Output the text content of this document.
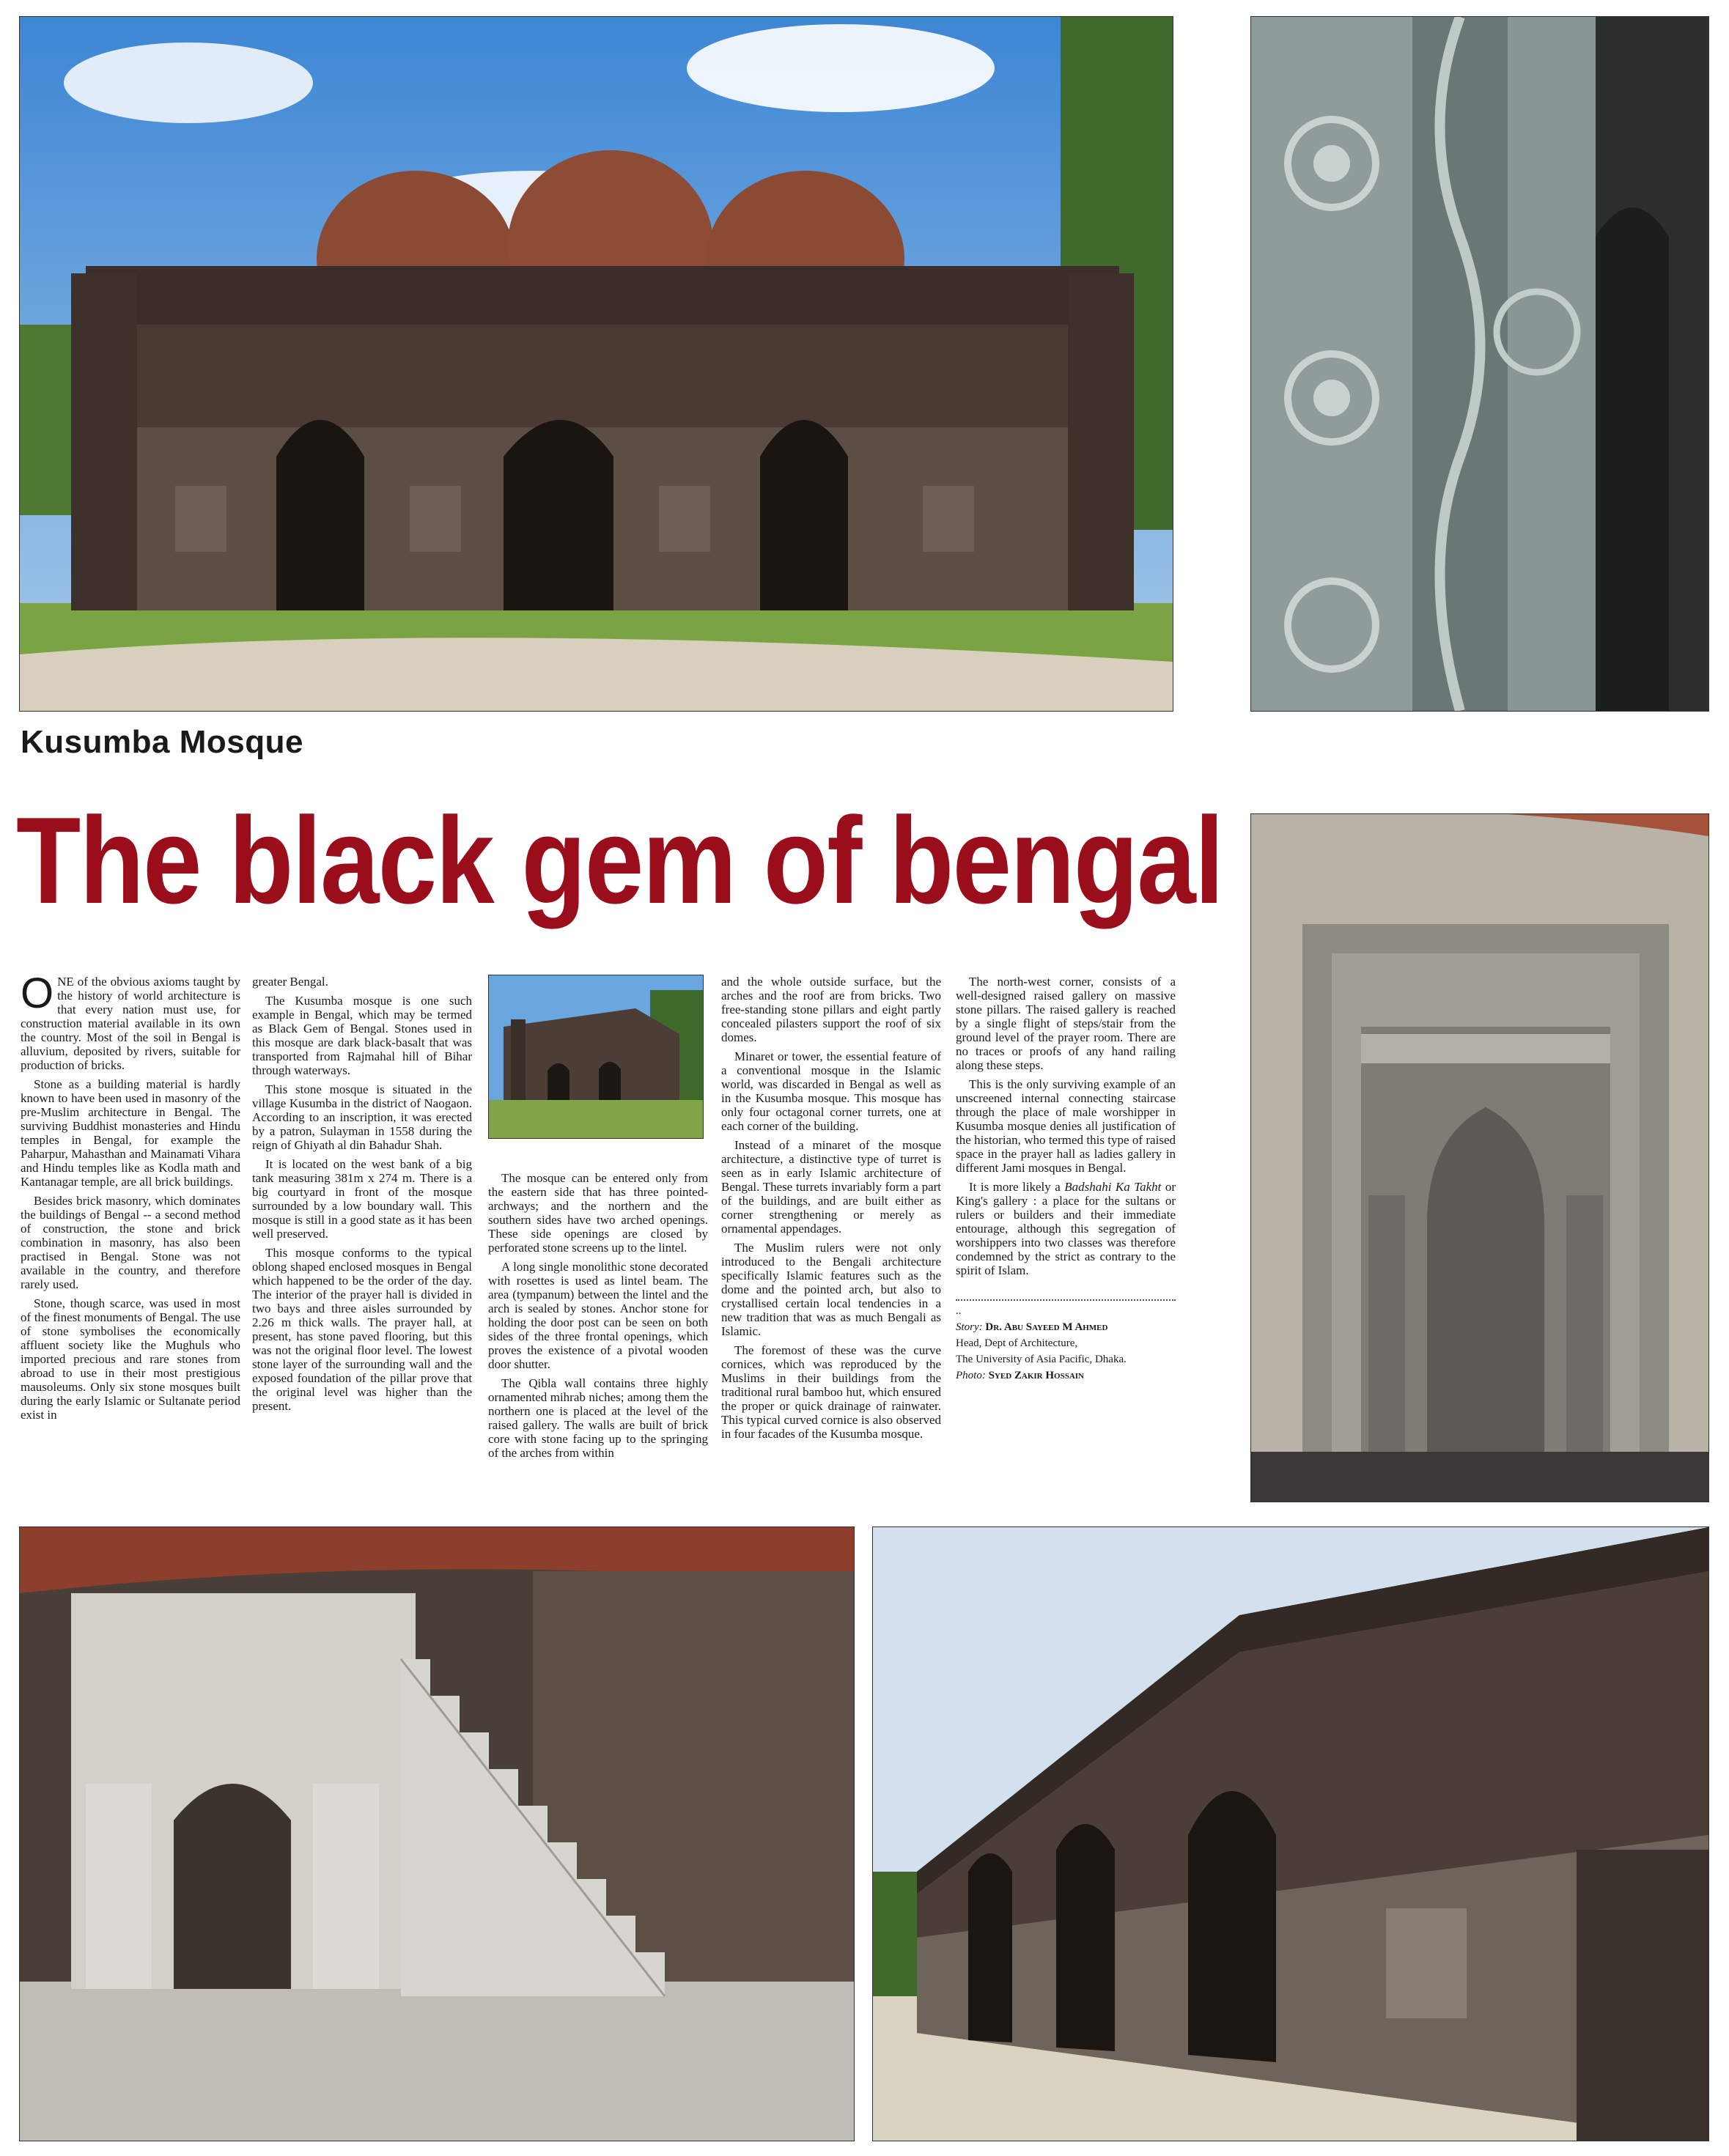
Kusumba Mosque
The black gem of bengal

ONE of the obvious axioms taught by the history of world architecture is that every nation must use, for construction material available in its own the country. Most of the soil in Bengal is alluvium, deposited by rivers, suitable for production of bricks.

Stone as a building material is hardly known to have been used in masonry of the pre-Muslim architecture in Bengal. The surviving Buddhist monasteries and Hindu temples in Bengal, for example the Paharpur, Mahasthan and Mainamati Vihara and Hindu temples like as Kodla math and Kantanagar temple, are all brick buildings.

Besides brick masonry, which dominates the buildings of Bengal -- a second method of construction, the stone and brick combination in masonry, has also been practised in Bengal. Stone was not available in the country, and therefore rarely used.

Stone, though scarce, was used in most of the finest monuments of Bengal. The use of stone symbolises the economically affluent society like the Mughuls who imported precious and rare stones from abroad to use in their most prestigious mausoleums. Only six stone mosques built during the early Islamic or Sultanate period exist in

greater Bengal.

The Kusumba mosque is one such example in Bengal, which may be termed as Black Gem of Bengal. Stones used in this mosque are dark black-basalt that was transported from Rajmahal hill of Bihar through waterways.

This stone mosque is situated in the village Kusumba in the district of Naogaon. According to an inscription, it was erected by a patron, Sulayman in 1558 during the reign of Ghiyath al din Bahadur Shah.

It is located on the west bank of a big tank measuring 381m x 274 m. There is a big courtyard in front of the mosque surrounded by a low boundary wall. This mosque is still in a good state as it has been well preserved.

This mosque conforms to the typical oblong shaped enclosed mosques in Bengal which happened to be the order of the day. The interior of the prayer hall is divided in two bays and three aisles surrounded by 2.26 m thick walls. The prayer hall, at present, has stone paved flooring, but this was not the original floor level. The lowest stone layer of the surrounding wall and the exposed foundation of the pillar prove that the original level was higher than the present.

The mosque can be entered only from the eastern side that has three pointed-archways; and the northern and the southern sides have two arched openings. These side openings are closed by perforated stone screens up to the lintel.

A long single monolithic stone decorated with rosettes is used as lintel beam. The area (tympanum) between the lintel and the arch is sealed by stones. Anchor stone for holding the door post can be seen on both sides of the three frontal openings, which proves the existence of a pivotal wooden door shutter.

The Qibla wall contains three highly ornamented mihrab niches; among them the northern one is placed at the level of the raised gallery. The walls are built of brick core with stone facing up to the springing of the arches from within

and the whole outside surface, but the arches and the roof are from bricks. Two free-standing stone pillars and eight partly concealed pilasters support the roof of six domes.

Minaret or tower, the essential feature of a conventional mosque in the Islamic world, was discarded in Bengal as well as in the Kusumba mosque. This mosque has only four octagonal corner turrets, one at each corner of the building.

Instead of a minaret of the mosque architecture, a distinctive type of turret is seen as in early Islamic architecture of Bengal. These turrets invariably form a part of the buildings, and are built either as corner strengthening or merely as ornamental appendages.

The Muslim rulers were not only introduced to the Bengali architecture specifically Islamic features such as the dome and the pointed arch, but also to crystallised certain local tendencies in a new tradition that was as much Bengali as Islamic.

The foremost of these was the curve cornices, which was reproduced by the Muslims in their buildings from the traditional rural bamboo hut, which ensured the proper or quick drainage of rainwater. This typical curved cornice is also observed in four facades of the Kusumba mosque.

The north-west corner, consists of a well-designed raised gallery on massive stone pillars. The raised gallery is reached by a single flight of steps/stair from the ground level of the prayer room. There are no traces or proofs of any hand railing along these steps.

This is the only surviving example of an unscreened internal connecting staircase through the place of male worshipper in Kusumba mosque denies all justification of the historian, who termed this type of raised space in the prayer hall as ladies gallery in different Jami mosques in Bengal.

It is more likely a Badshahi Ka Takht or King's gallery : a place for the sultans or rulers or builders and their immediate entourage, although this segregation of worshippers into two classes was therefore condemned by the strict as contrary to the spirit of Islam.

..
Story: Dr. Abu Sayeed M Ahmed
Head, Dept of Architecture,
The University of Asia Pacific, Dhaka.
Photo: Syed Zakir Hossain
